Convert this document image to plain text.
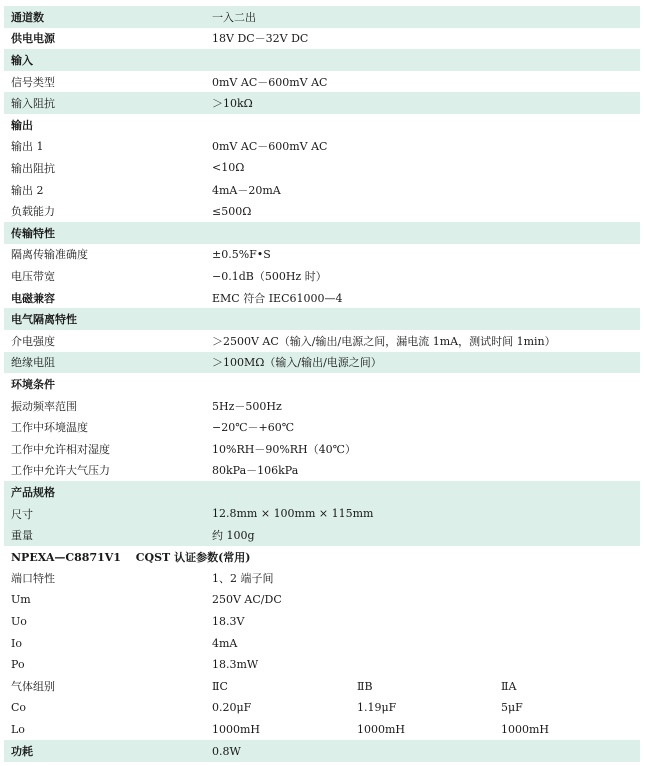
通道数	一入二出
供电电源	18V DC－32V DC
输入
信号类型	0mV AC－600mV AC
输入阻抗	＞10kΩ
输出
输出 1	0mV AC－600mV AC
输出阻抗	<10Ω
输出 2	4mA－20mA
负载能力	≤500Ω
传输特性
隔离传输准确度	±0.5%F•S
电压带宽	−0.1dB（500Hz 时）
电磁兼容	EMC 符合 IEC61000—4
电气隔离特性
介电强度	＞2500V AC（输入/输出/电源之间，漏电流 1mA，测试时间 1min）
绝缘电阻	＞100MΩ（输入/输出/电源之间）
环境条件
振动频率范围	5Hz－500Hz
工作中环境温度	−20℃－+60℃
工作中允许相对湿度	10%RH－90%RH（40℃）
工作中允许大气压力	80kPa－106kPa
产品规格
尺寸	12.8mm × 100mm × 115mm
重量	约 100g
NPEXA—C8871V1　 CQST 认证参数(常用)
端口特性	1、2 端子间
Um	250V AC/DC
Uo	18.3V
Io	4mA
Po	18.3mW
气体组别	ⅡC	ⅡB	ⅡA
Co	0.20μF	1.19μF	5μF
Lo	1000mH	1000mH	1000mH
功耗	0.8W
